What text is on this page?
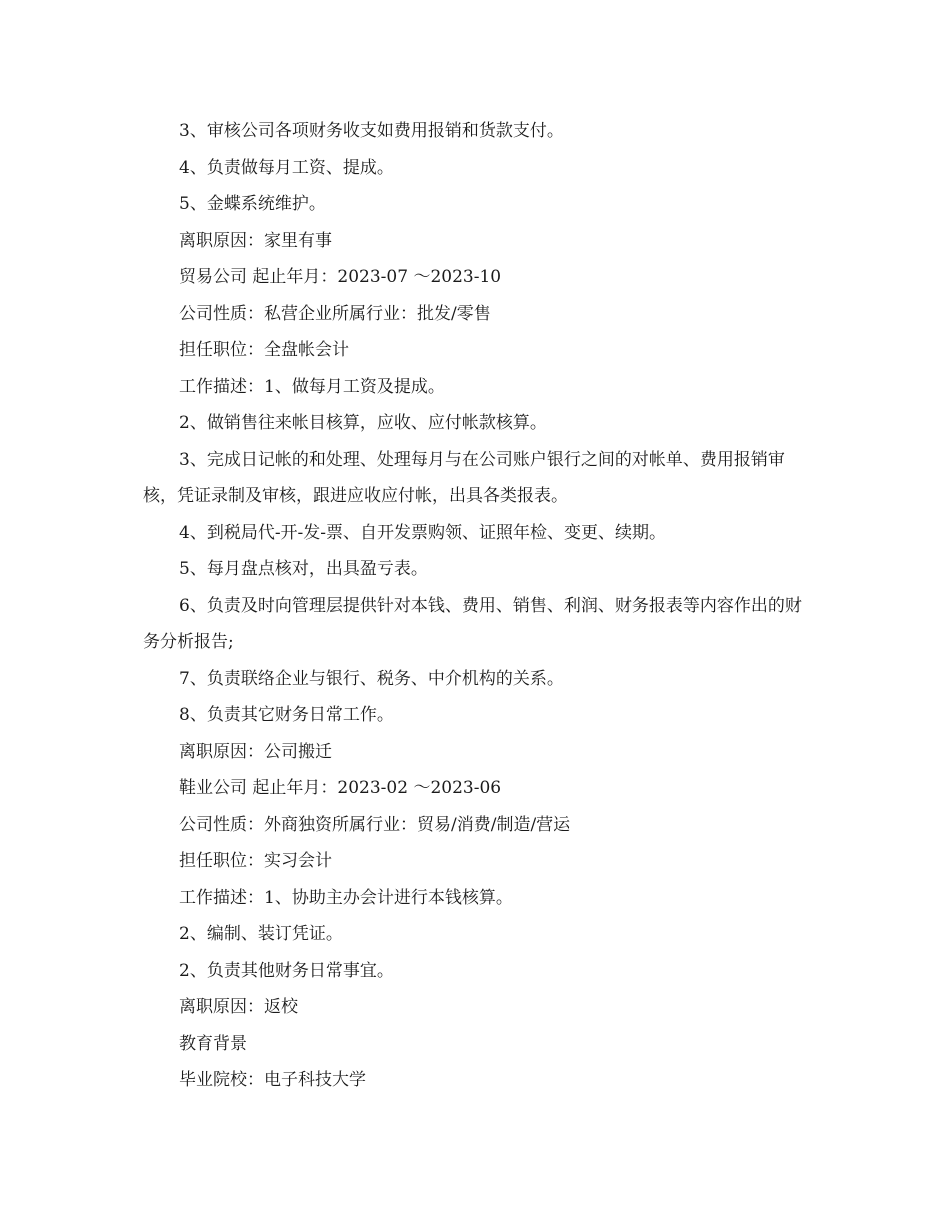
3、审核公司各项财务收支如费用报销和货款支付。

4、负责做每月工资、提成。

5、金蝶系统维护。

离职原因：家里有事

贸易公司 起止年月：2023-07 ～2023-10

公司性质：私营企业所属行业：批发/零售

担任职位：全盘帐会计

工作描述：1、做每月工资及提成。

2、做销售往来帐目核算，应收、应付帐款核算。

3、完成日记帐的和处理、处理每月与在公司账户银行之间的对帐单、费用报销审核，凭证录制及审核，跟进应收应付帐，出具各类报表。

4、到税局代-开-发-票、自开发票购领、证照年检、变更、续期。

5、每月盘点核对，出具盈亏表。

6、负责及时向管理层提供针对本钱、费用、销售、利润、财务报表等内容作出的财务分析报告;

7、负责联络企业与银行、税务、中介机构的关系。

8、负责其它财务日常工作。

离职原因：公司搬迁

鞋业公司 起止年月：2023-02 ～2023-06

公司性质：外商独资所属行业：贸易/消费/制造/营运

担任职位：实习会计

工作描述：1、协助主办会计进行本钱核算。

2、编制、装订凭证。

2、负责其他财务日常事宜。

离职原因：返校

教育背景

毕业院校：电子科技大学
